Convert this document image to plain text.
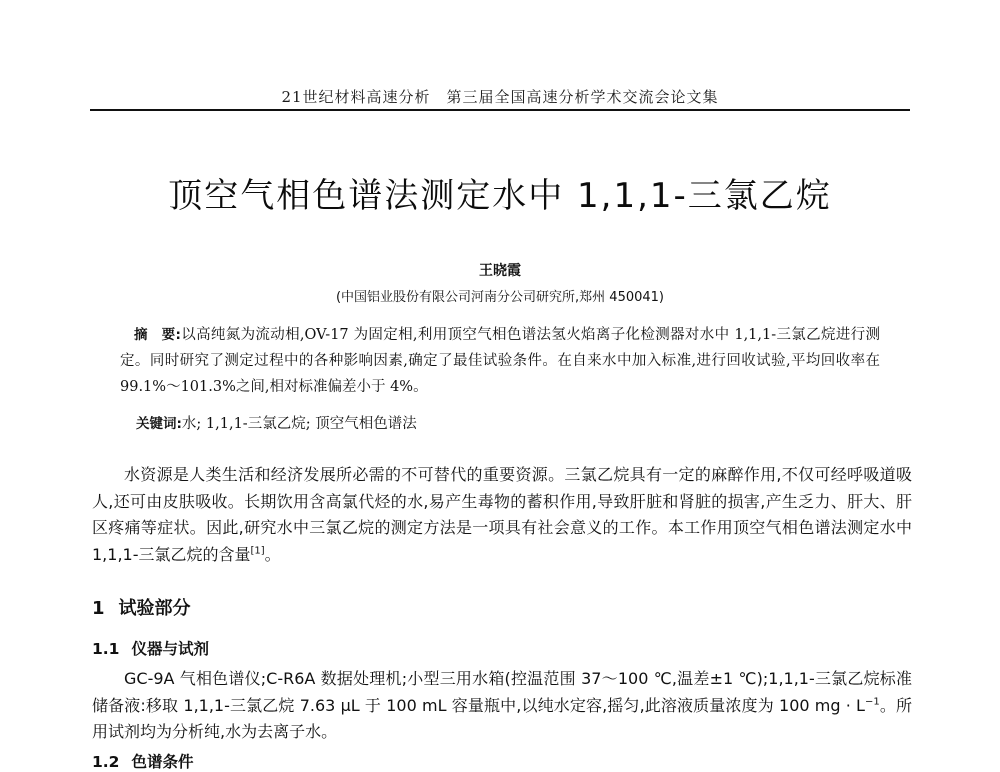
21世纪材料高速分析　第三届全国高速分析学术交流会论文集
顶空气相色谱法测定水中 1,1,1-三氯乙烷
王晓霞
(中国铝业股份有限公司河南分公司研究所,郑州 450041)
摘　要:以高纯氮为流动相,OV-17 为固定相,利用顶空气相色谱法氢火焰离子化检测器对水中 1,1,1-三氯乙烷进行测定。同时研究了测定过程中的各种影响因素,确定了最佳试验条件。在自来水中加入标准,进行回收试验,平均回收率在 99.1%～101.3%之间,相对标准偏差小于 4%。
关键词:水; 1,1,1-三氯乙烷; 顶空气相色谱法
水资源是人类生活和经济发展所必需的不可替代的重要资源。三氯乙烷具有一定的麻醉作用,不仅可经呼吸道吸人,还可由皮肤吸收。长期饮用含高氯代烃的水,易产生毒物的蓄积作用,导致肝脏和肾脏的损害,产生乏力、肝大、肝区疼痛等症状。因此,研究水中三氯乙烷的测定方法是一项具有社会意义的工作。本工作用顶空气相色谱法测定水中 1,1,1-三氯乙烷的含量[1]。
1 试验部分
1.1 仪器与试剂
GC-9A 气相色谱仪;C-R6A 数据处理机;小型三用水箱(控温范围 37～100 ℃,温差±1 ℃);1,1,1-三氯乙烷标准储备液:移取 1,1,1-三氯乙烷 7.63 μL 于 100 mL 容量瓶中,以纯水定容,摇匀,此溶液质量浓度为 100 mg · $L^{-1}$。所用试剂均为分析纯,水为去离子水。
1.2 色谱条件
